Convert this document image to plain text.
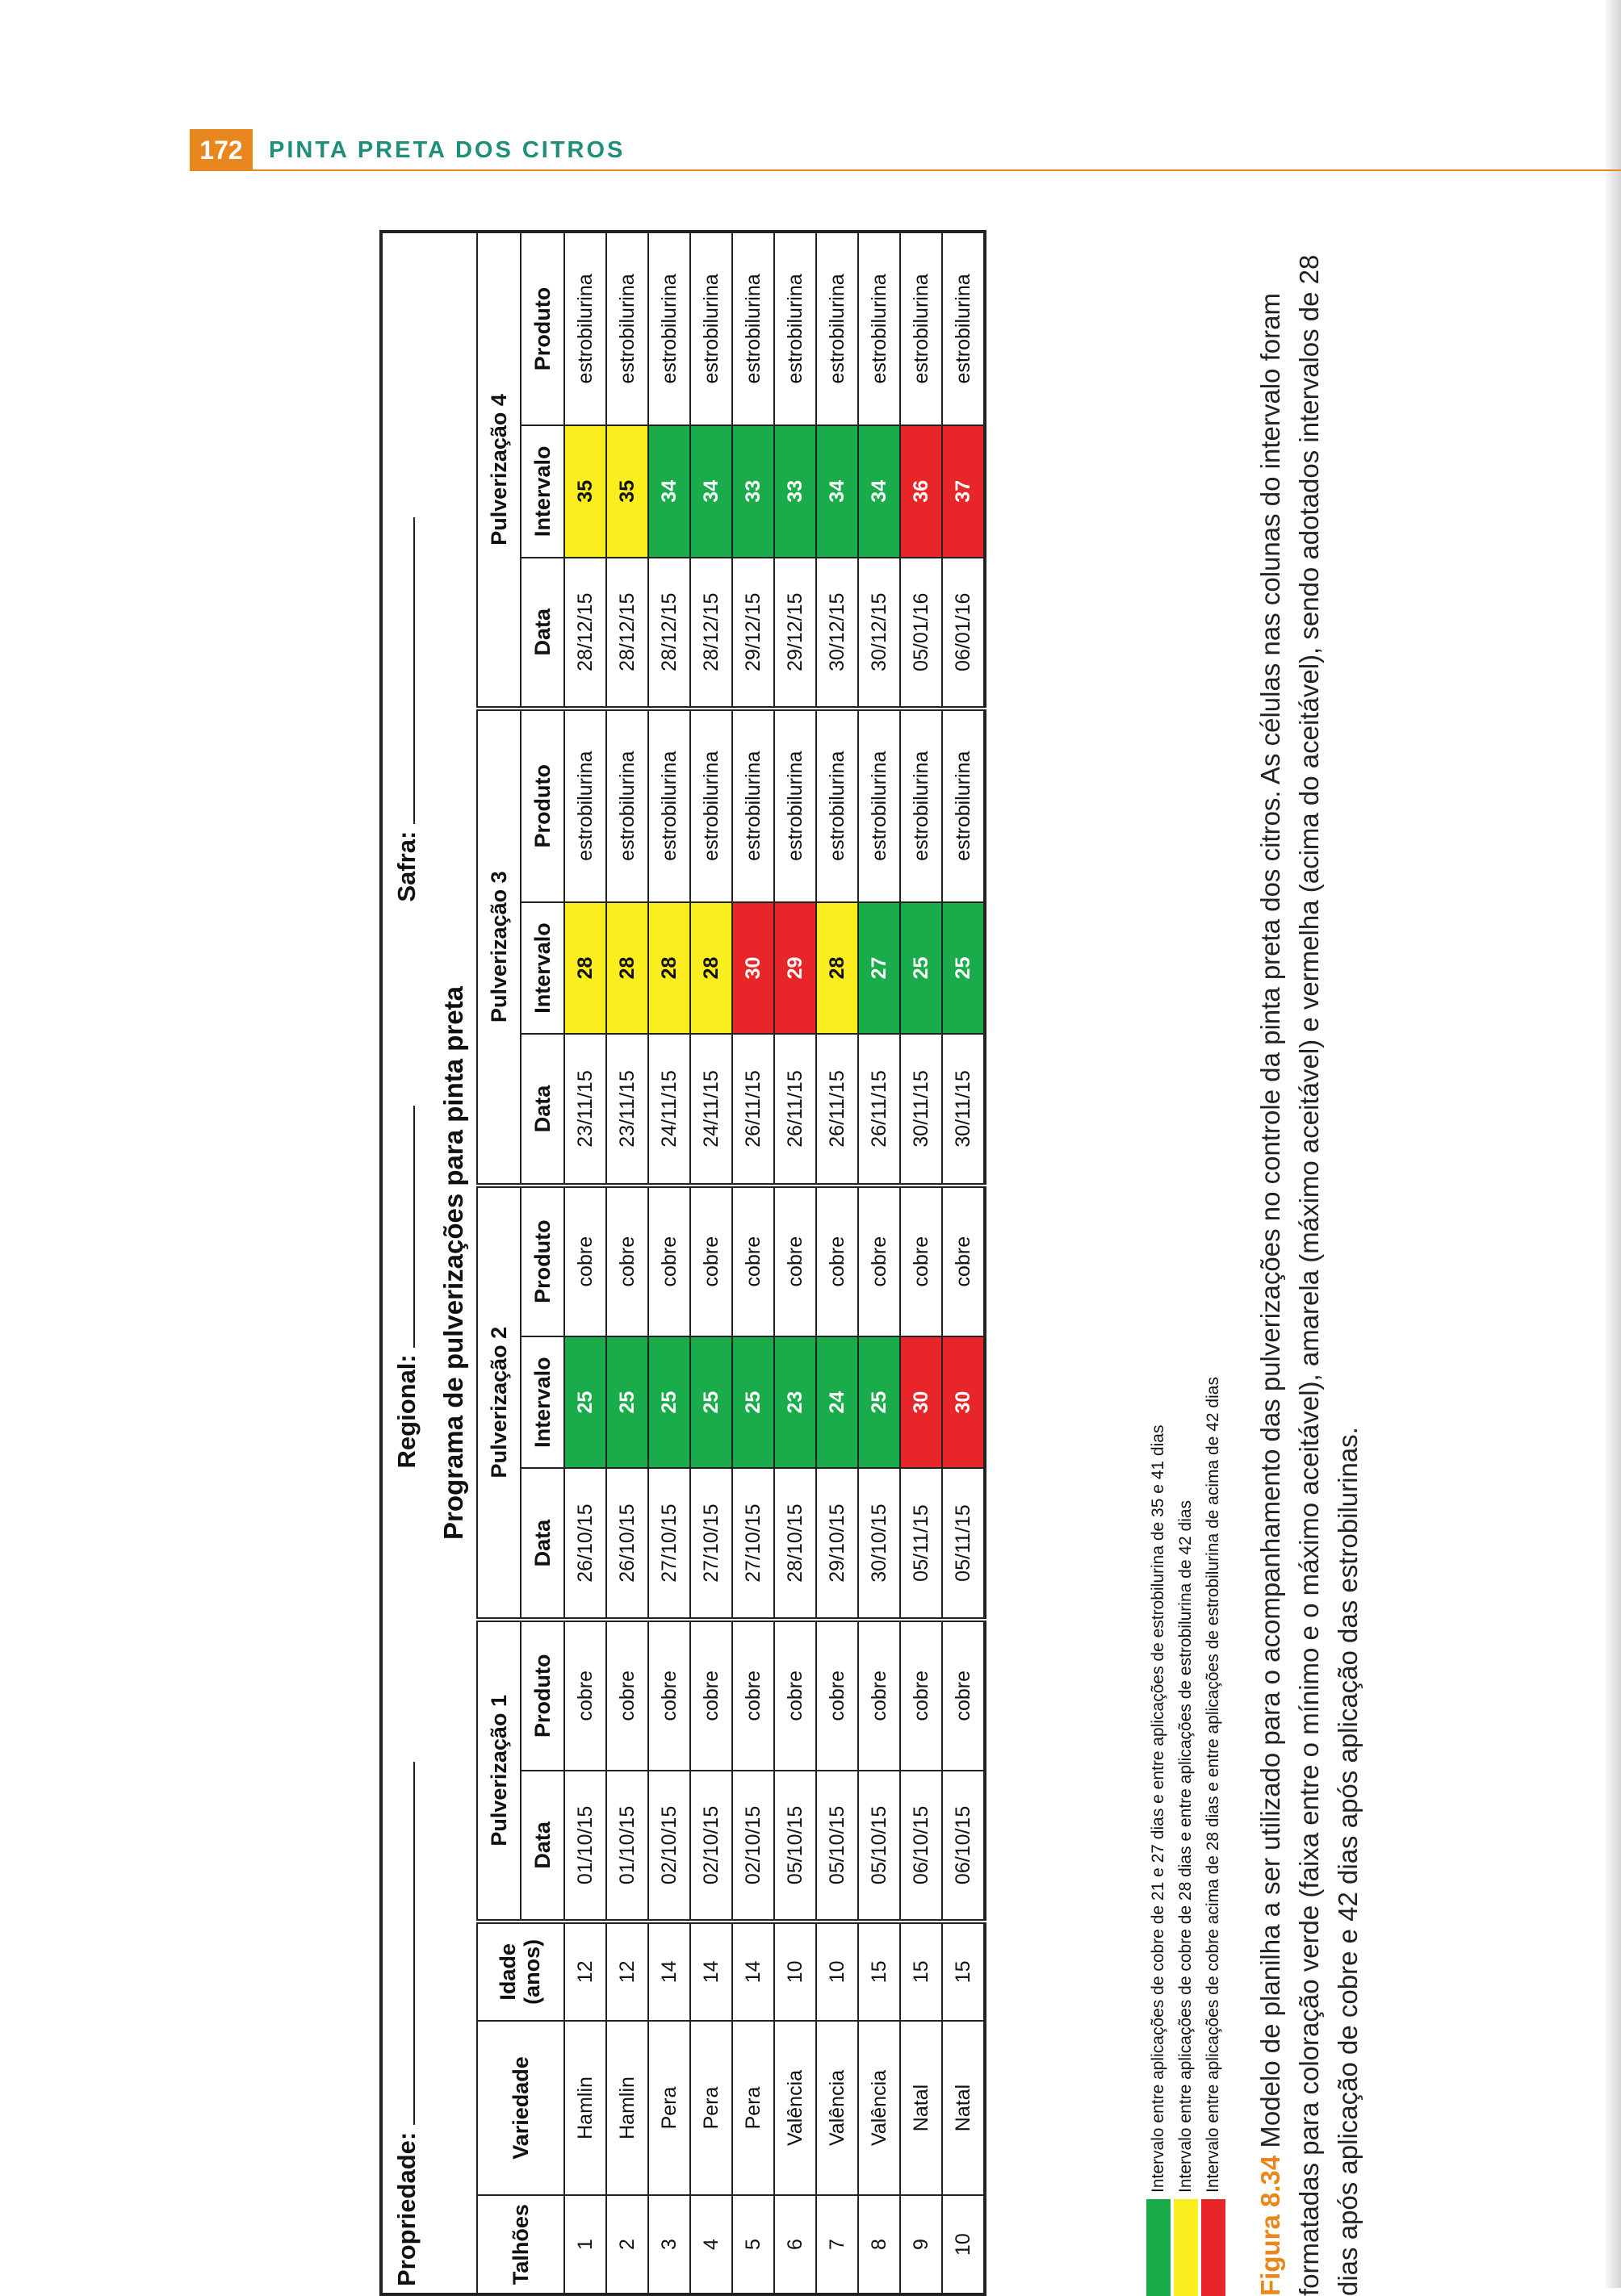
172	PINTA PRETA DOS CITROS
Propriedade:						Regional:				Safra:			
Programa de pulverizações para pinta preta													
Talhões	Variedade	Idade (anos)	Pulverização 1		Pulverização 2			Pulverização 3			Pulverização 4		
			Data	Produto	Data	Intervalo	Produto	Data	Intervalo	Produto	Data	Intervalo	Produto
1	Hamlin	12	01/10/15	cobre	26/10/15	25	cobre	23/11/15	28	estrobilurina	28/12/15	35	estrobilurina
2	Hamlin	12	01/10/15	cobre	26/10/15	25	cobre	23/11/15	28	estrobilurina	28/12/15	35	estrobilurina
3	Pera	14	02/10/15	cobre	27/10/15	25	cobre	24/11/15	28	estrobilurina	28/12/15	34	estrobilurina
4	Pera	14	02/10/15	cobre	27/10/15	25	cobre	24/11/15	28	estrobilurina	28/12/15	34	estrobilurina
5	Pera	14	02/10/15	cobre	27/10/15	25	cobre	26/11/15	30	estrobilurina	29/12/15	33	estrobilurina
6	Valência	10	05/10/15	cobre	28/10/15	23	cobre	26/11/15	29	estrobilurina	29/12/15	33	estrobilurina
7	Valência	10	05/10/15	cobre	29/10/15	24	cobre	26/11/15	28	estrobilurina	30/12/15	34	estrobilurina
8	Valência	15	05/10/15	cobre	30/10/15	25	cobre	26/11/15	27	estrobilurina	30/12/15	34	estrobilurina
9	Natal	15	06/10/15	cobre	05/11/15	30	cobre	30/11/15	25	estrobilurina	05/01/16	36	estrobilurina
10	Natal	15	06/10/15	cobre	05/11/15	30	cobre	30/11/15	25	estrobilurina	06/01/16	37	estrobilurina
Intervalo entre aplicações de cobre de 21 e 27 dias e entre aplicações de estrobilurina de 35 e 41 dias Intervalo entre aplicações de cobre de 28 dias e entre aplicações de estrobilurina de 42 dias Intervalo entre aplicações de cobre acima de 28 dias e entre aplicações de estrobilurina de acima de 42 dias
Figura 8.34 Modelo de planilha a ser utilizado para o acompanhamento das pulverizações no controle da pinta preta dos citros. As células nas colunas do intervalo foram formatadas para coloração verde (faixa entre o mínimo e o máximo aceitável), amarela (máximo aceitável) e vermelha (acima do aceitável), sendo adotados intervalos de 28 dias após aplicação de cobre e 42 dias após aplicação das estrobilurinas.
